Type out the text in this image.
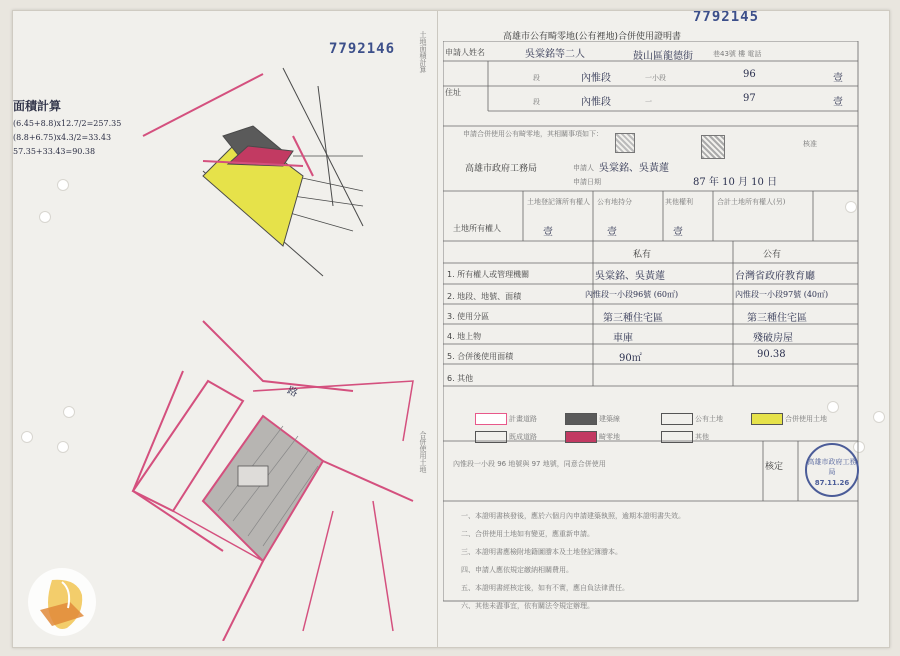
7792146
7792145
面積計算
(6.45+8.8)x12.7/2=257.35
(8.8+6.75)x4.3/2=33.43
57.35+33.43=90.38
路
土地面積計算
合併使用土地
高雄市公有畸零地(公有裡地)合併使用證明書
申請人姓名	吳棠銘等二人	鼓山區龍德街	巷43號 樓 電話
住址
段	內惟段	一小段	96	壹
段	內惟段	一	97	壹
申請合併使用公有畸零地，其相關事項如下：
高雄市政府工務局	申請人 吳棠銘、吳黃蓮
申請日期	87 年 10 月 10 日
核准
土地所有權人
土地登記簿所有權人 公有地持分	其他權利	合計土地所有權人(另)
壹	壹	壹
私有	公有
1. 所有權人或管理機關	吳棠銘、吳黃蓮	台灣省政府教育廳
2. 地段、地號、面積	內惟段一小段96號 (60㎡)	內惟段一小段97號 (40㎡)
3. 使用分區	第三種住宅區	第三種住宅區
4. 地上物	車庫	殘破房屋
5. 合併後使用面積	90㎡	90.38
6. 其他
計畫道路	建築線	公有土地	合併使用土地
既成道路	畸零地	其他
內惟段一小段 96 地號與 97 地號，同意合併使用	核定	高雄市政府工務局
87.11.26
一、本證明書核發後，應於六個月內申請建築執照，逾期本證明書失效。
二、合併使用土地如有變更，應重新申請。
三、本證明書應檢附地籍圖謄本及土地登記簿謄本。
四、申請人應依規定繳納相關費用。
五、本證明書經核定後，如有不實，應自負法律責任。
六、其他未盡事宜，依有關法令規定辦理。
